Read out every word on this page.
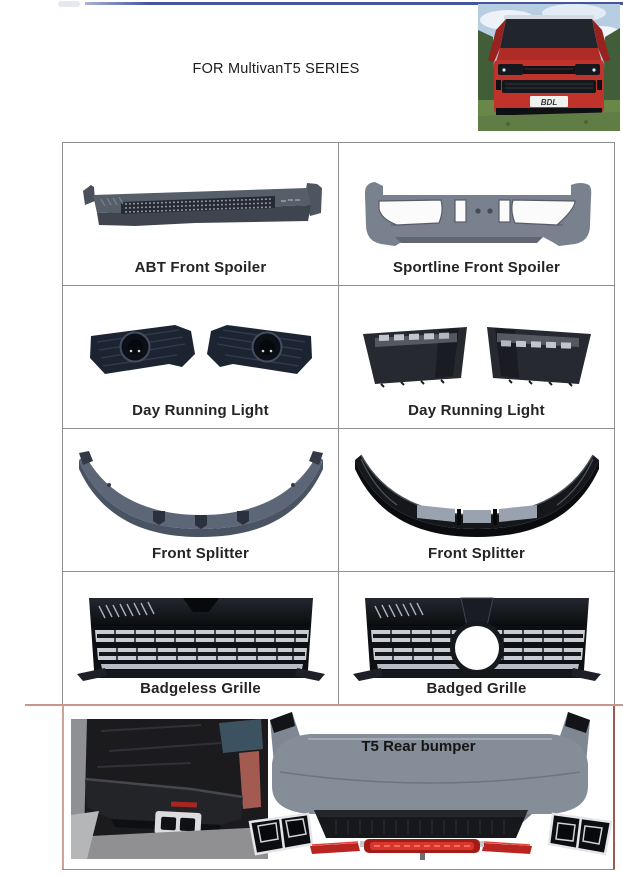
FOR MultivanT5 SERIES
BDL
ABT Front Spoiler	Sportline Front Spoiler
Day Running Light	Day Running Light
Front Splitter	Front Splitter
Badgeless Grille	Badged Grille
T5 Rear bumper
